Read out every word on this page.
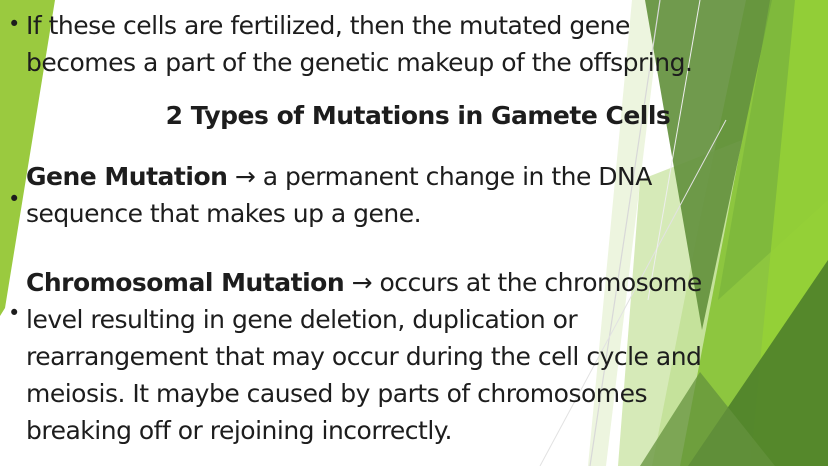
• If these cells are fertilized, then the mutated gene
becomes a part of the genetic makeup of the offspring.
2 Types of Mutations in Gamete Cells
•
Gene Mutation → a permanent change in the DNA
sequence that makes up a gene.
•
Chromosomal Mutation → occurs at the chromosome
level resulting in gene deletion, duplication or
rearrangement that may occur during the cell cycle and
meiosis. It maybe caused by parts of chromosomes
breaking off or rejoining incorrectly.
